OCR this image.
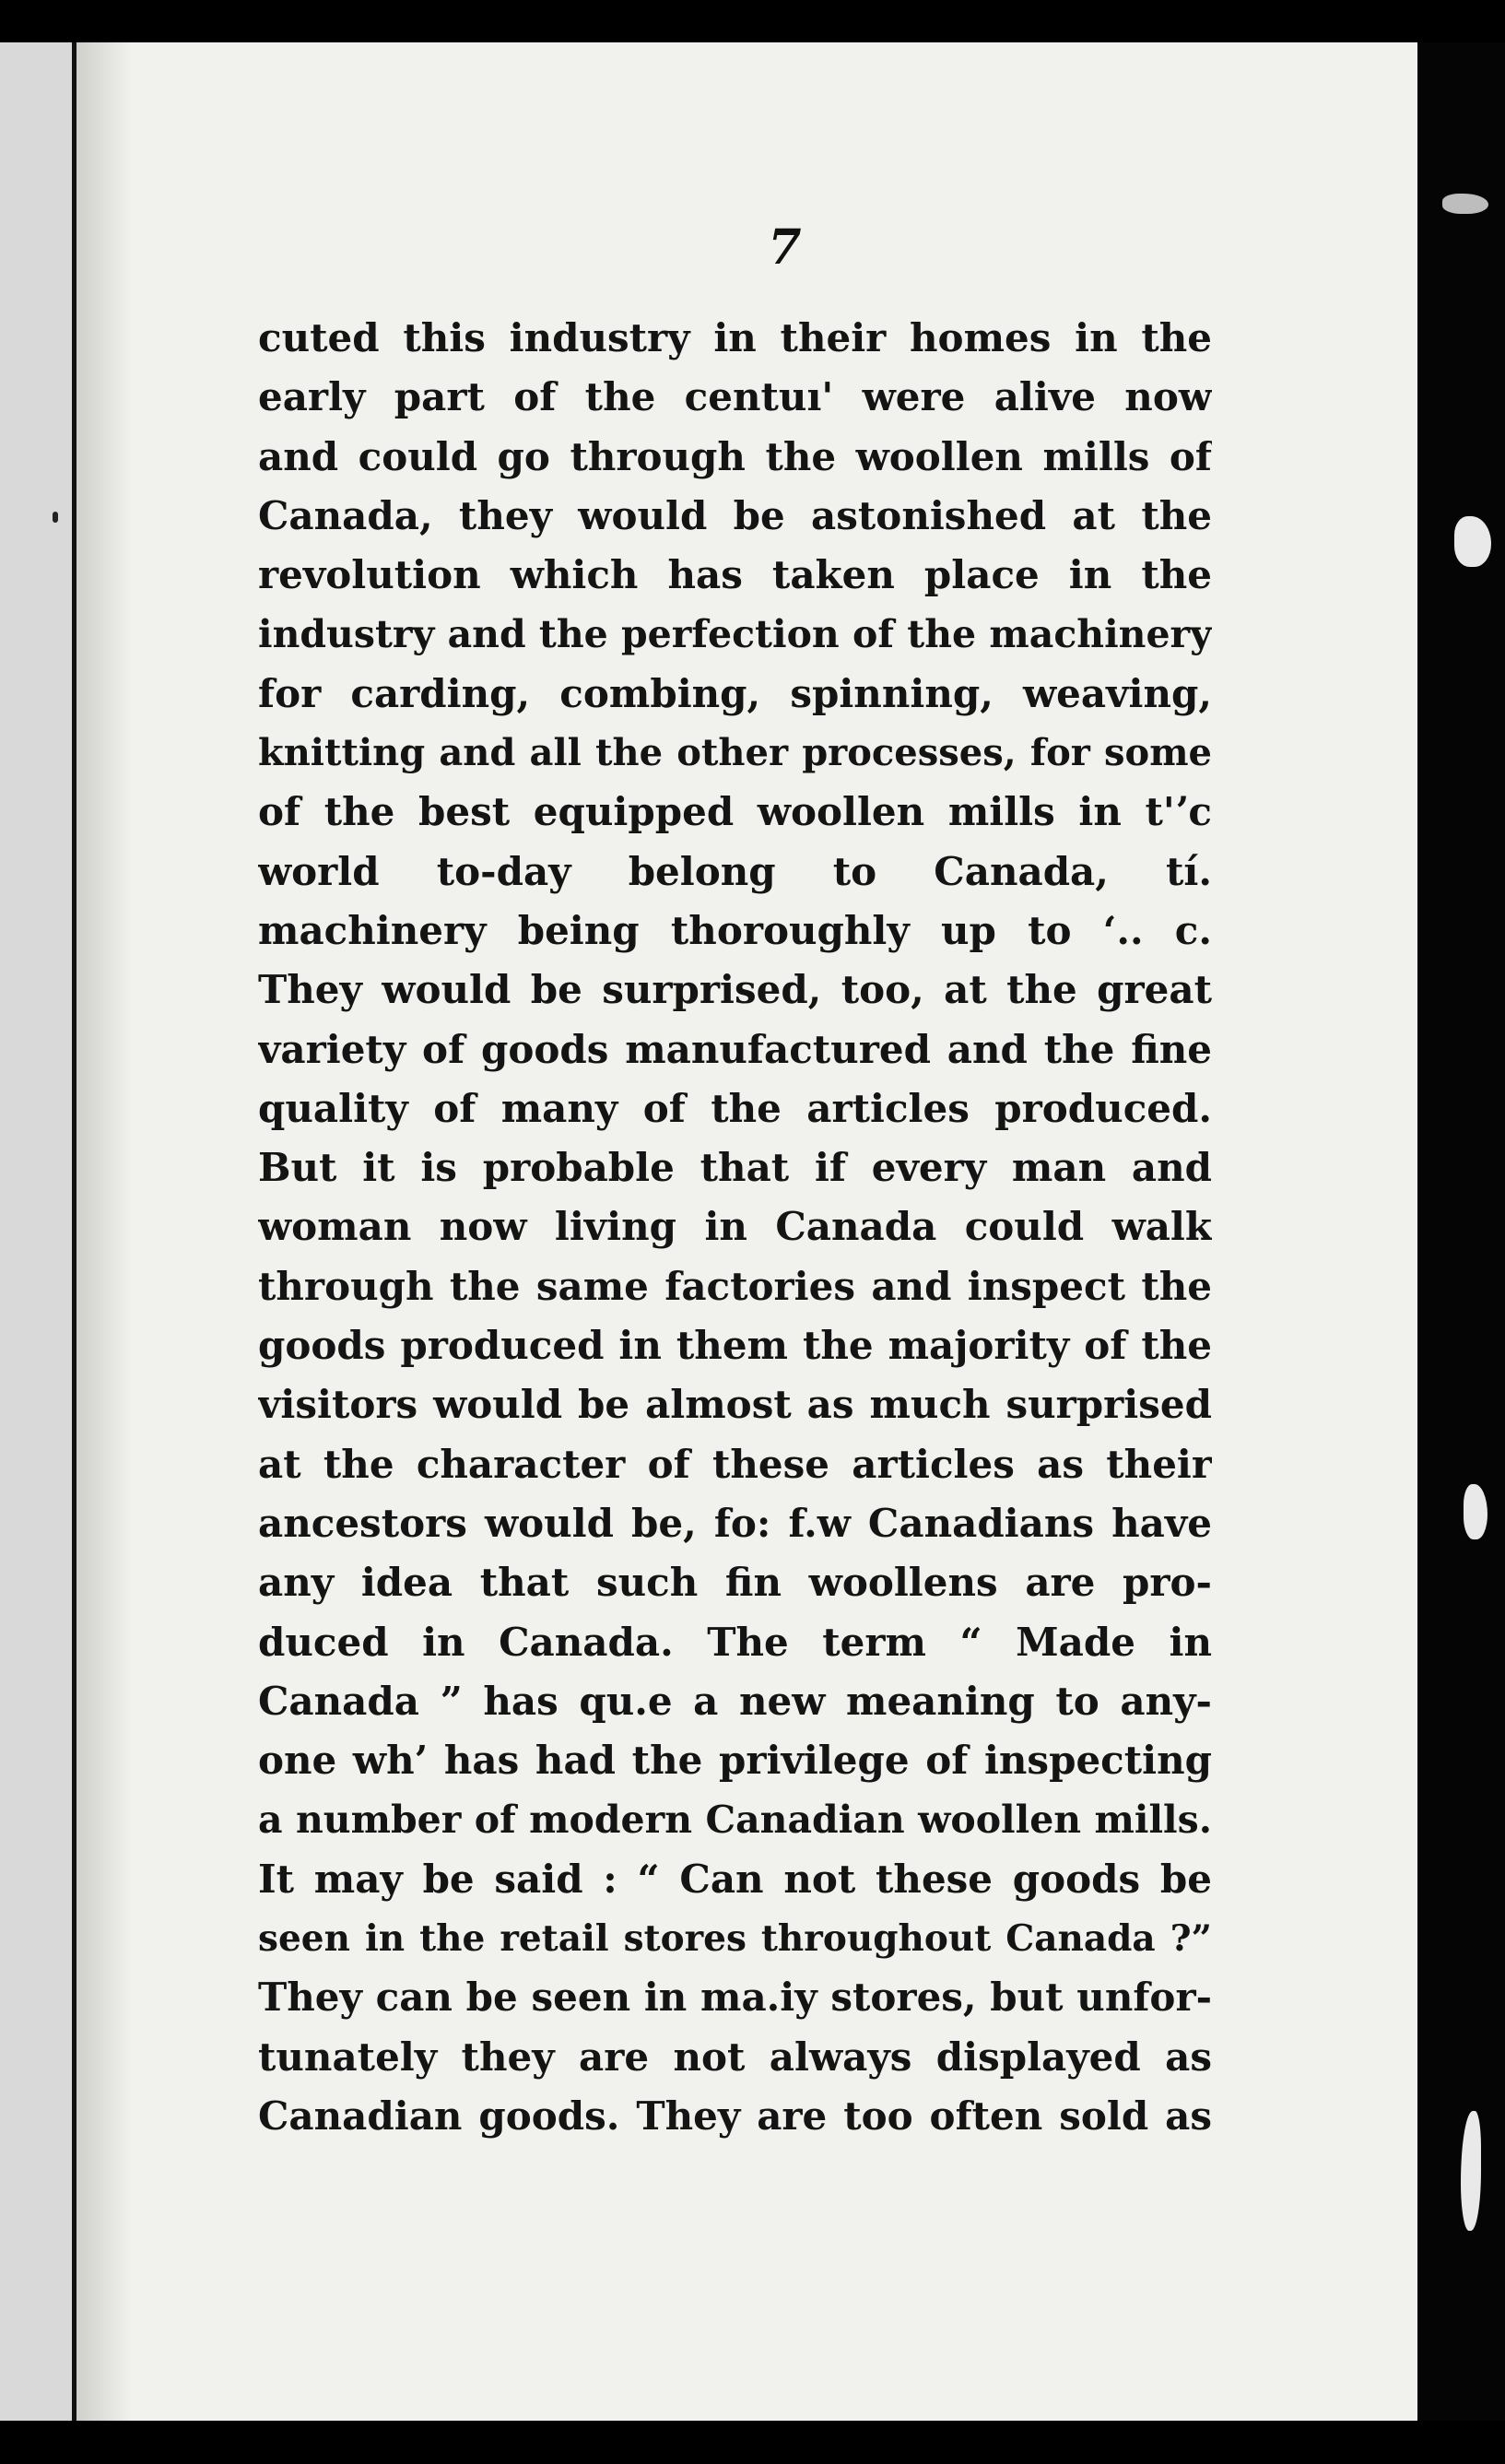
7
cuted this industry in their homes in the
early part of the centuı' were alive now
and could go through the woollen mills of
Canada, they would be astonished at the
revolution which has taken place in the
industry and the perfection of the machinery
for carding, combing, spinning, weaving,
knitting and all the other processes, for some
of the best equipped woollen mills in t'ʼc
world to-day belong to Canada, tí.
machinery being thoroughly up to ‘.. c.
They would be surprised, too, at the great
variety of goods manufactured and the fine
quality of many of the articles produced.
But it is probable that if every man and
woman now living in Canada could walk
through the same factories and inspect the
goods produced in them the majority of the
visitors would be almost as much surprised
at the character of these articles as their
ancestors would be, fo: f.w Canadians have
any idea that such fin woollens are pro-
duced in Canada. The term “ Made in
Canada ” has qu.e a new meaning to any-
one wh’ has had the privilege of inspecting
a number of modern Canadian woollen mills.
It may be said : “ Can not these goods be
seen in the retail stores throughout Canada ?”
They can be seen in ma.iy stores, but unfor-
tunately they are not always displayed as
Canadian goods. They are too often sold as
